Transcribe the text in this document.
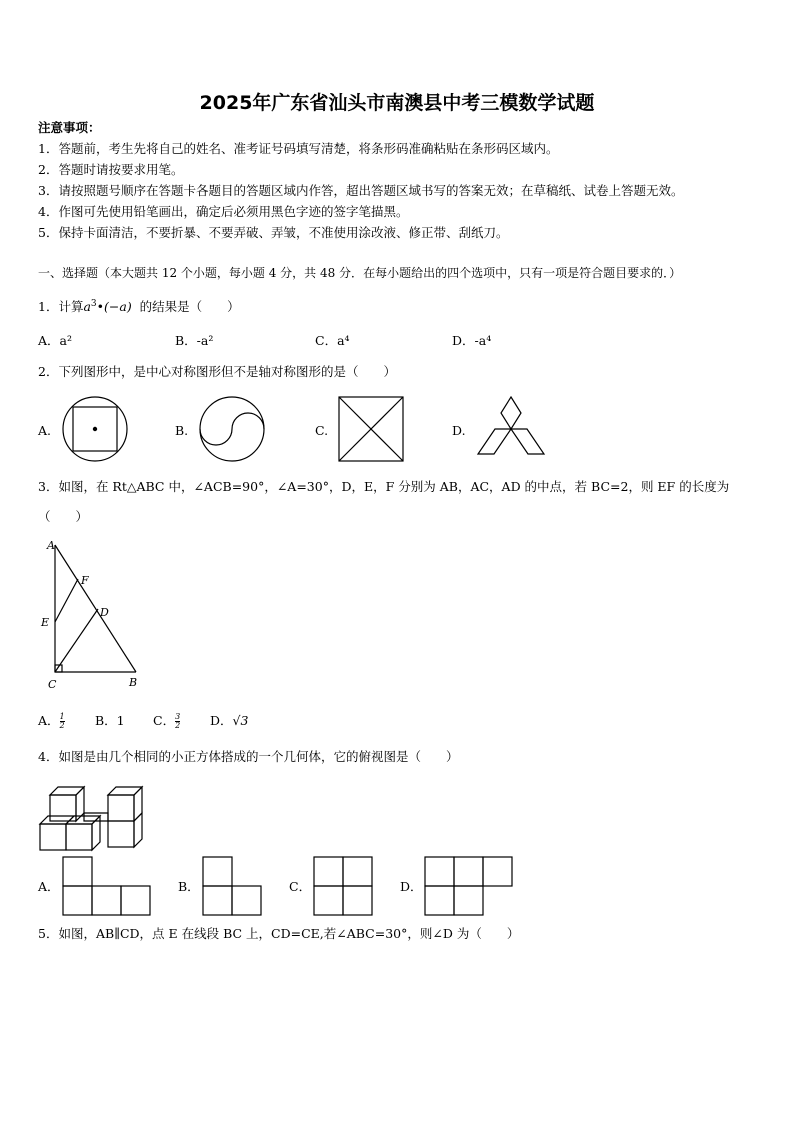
2025年广东省汕头市南澳县中考三模数学试题
注意事项：
1．答题前，考生先将自己的姓名、准考证号码填写清楚，将条形码准确粘贴在条形码区域内。
2．答题时请按要求用笔。
3．请按照题号顺序在答题卡各题目的答题区域内作答，超出答题区域书写的答案无效；在草稿纸、试卷上答题无效。
4．作图可先使用铅笔画出，确定后必须用黑色字迹的签字笔描黑。
5．保持卡面清洁，不要折暴、不要弄破、弄皱，不准使用涂改液、修正带、刮纸刀。
一、选择题（本大题共 12 个小题，每小题 4 分，共 48 分．在每小题给出的四个选项中，只有一项是符合题目要求的．）
1．计算$a^3•(-a)$ 的结果是（　　）
A．a²	B．-a²	C．a⁴	D．-a⁴
2．下列图形中，是中心对称图形但不是轴对称图形的是（　　）
A.	B.	C.	D.
3．如图，在 Rt△ABC 中，∠ACB=90°，∠A=30°，D，E，F 分别为 AB，AC，AD 的中点，若 BC=2，则 EF 的长度为
（　　）
A
F
D
E
C	B
A． $\frac{1}{2}$ B．1 C． $\frac{3}{2}$ D．√3
4．如图是由几个相同的小正方体搭成的一个几何体，它的俯视图是（　　）
A．	B．	C．	D．
5．如图，AB∥CD，点 E 在线段 BC 上，CD=CE,若∠ABC=30°，则∠D 为（　　）
